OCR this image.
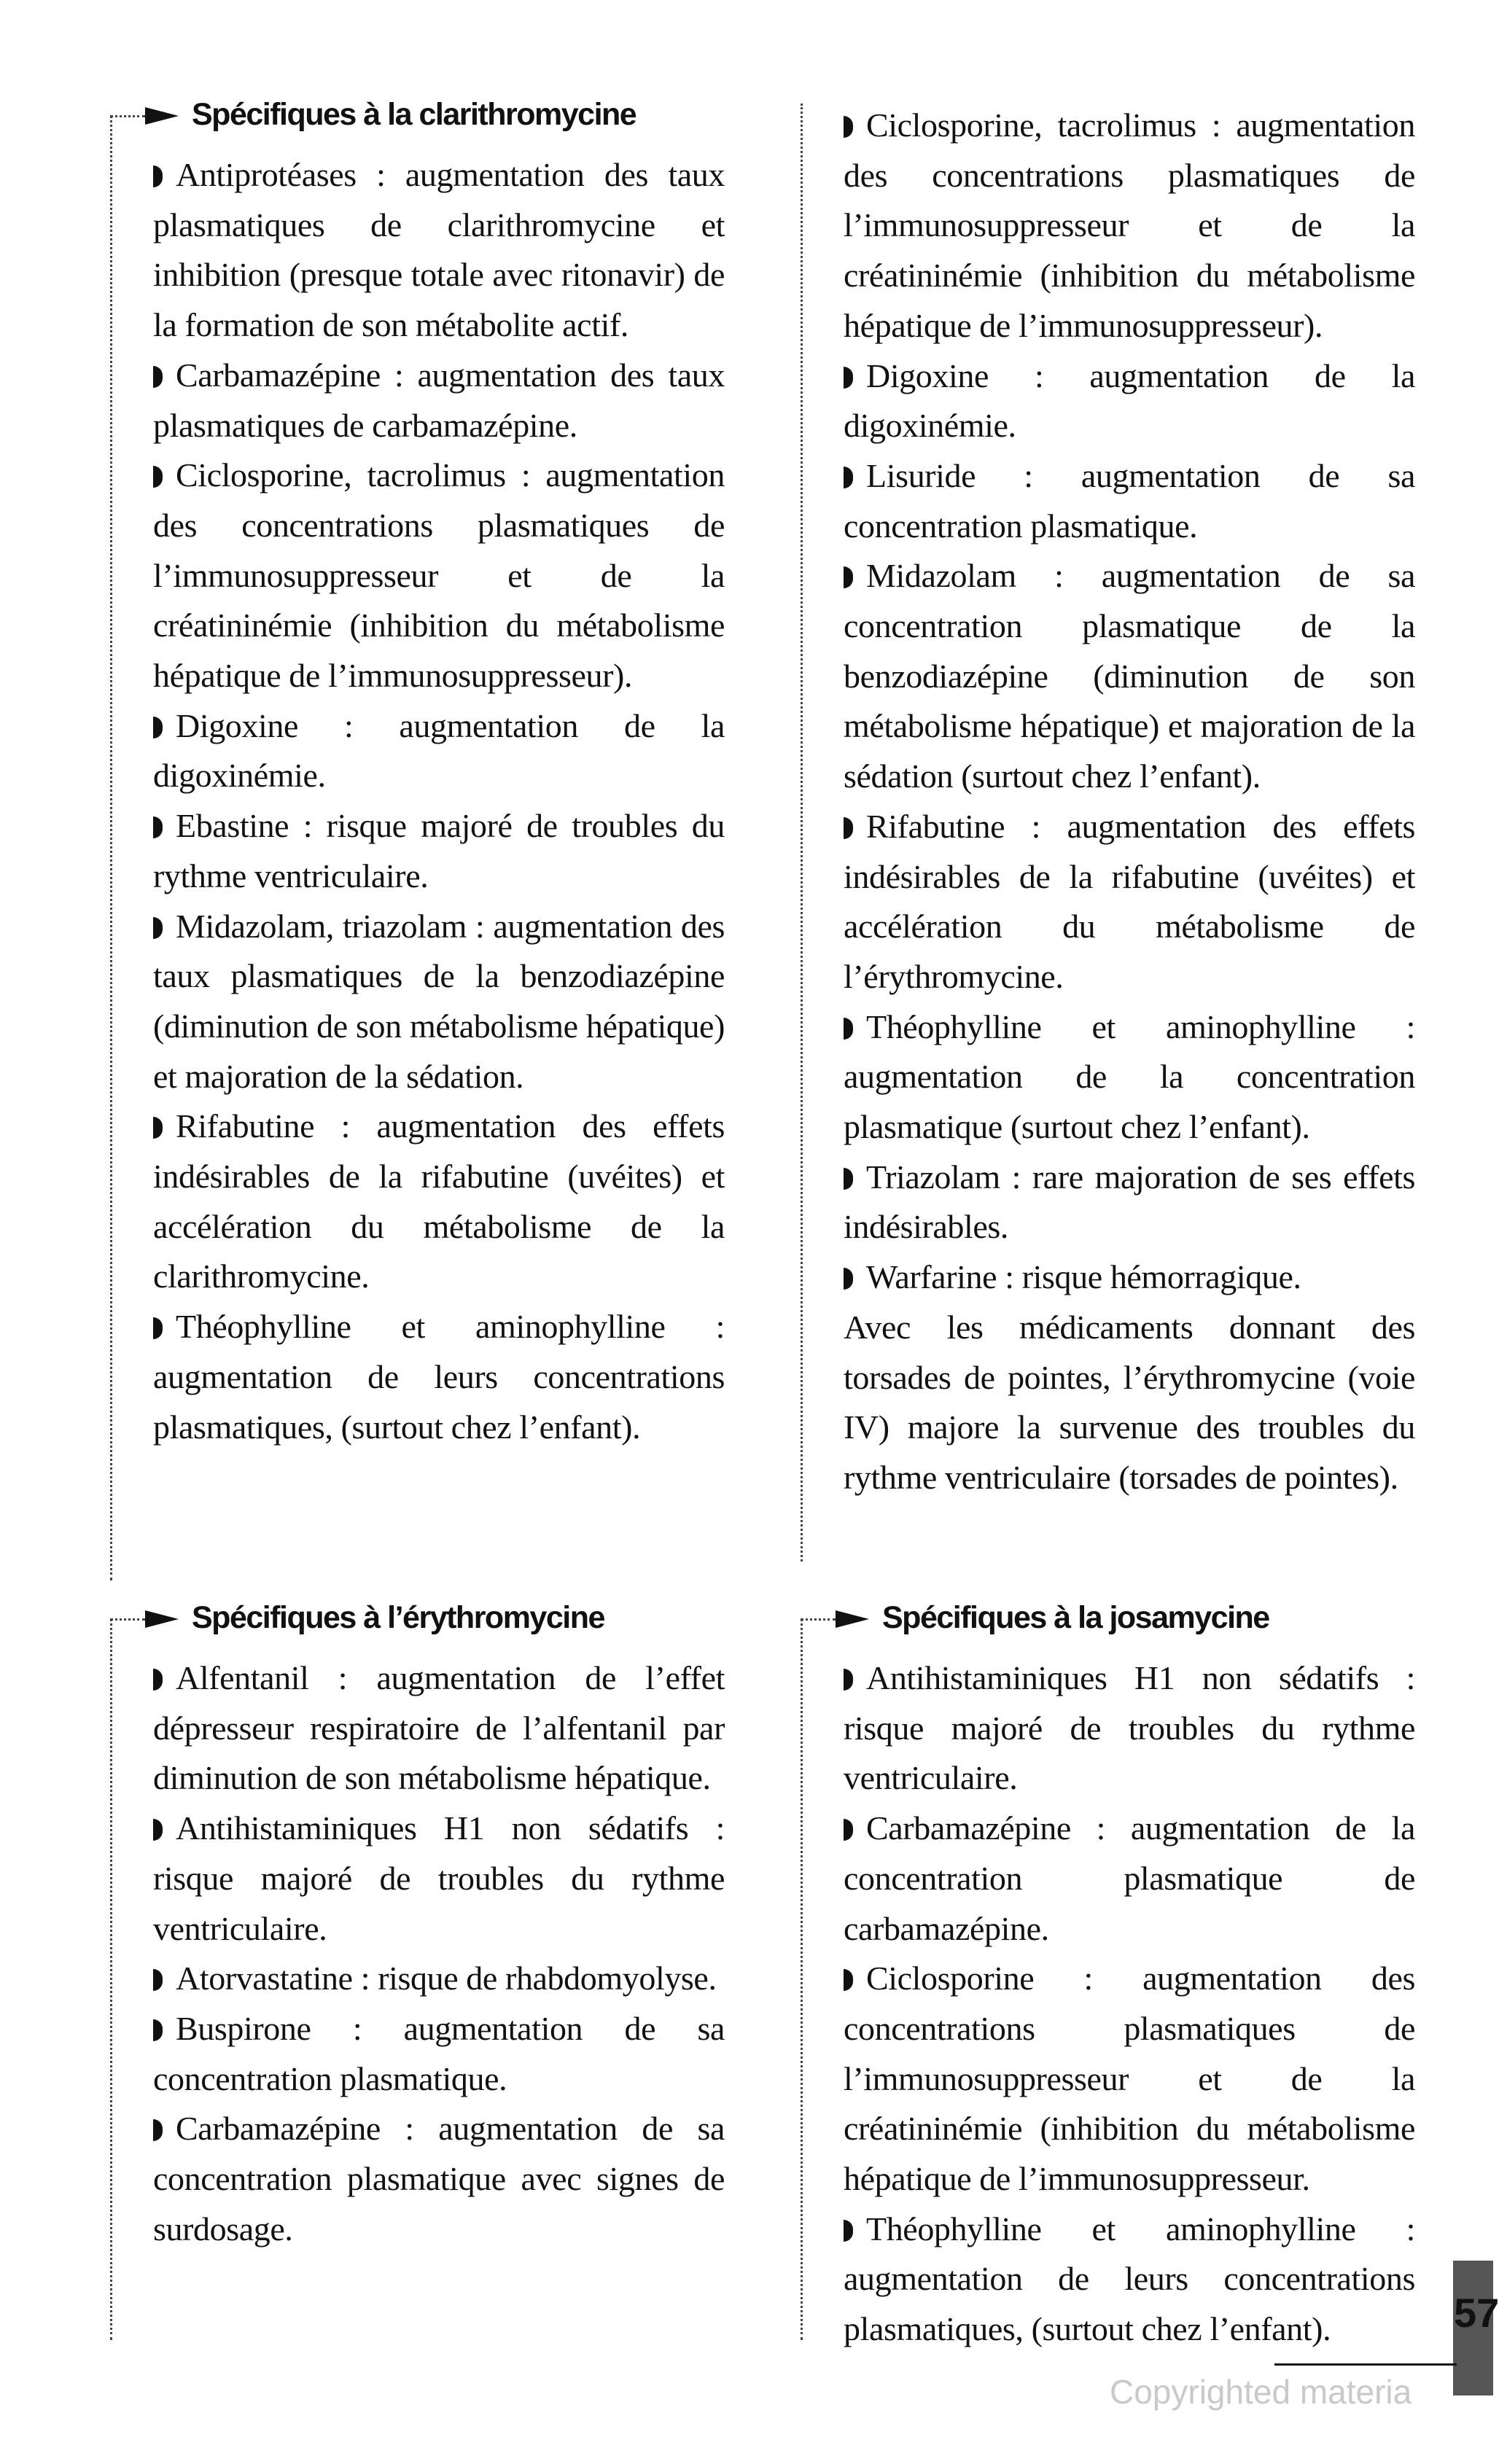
Spécifiques à la clarithromycine

Antiprotéases : augmentation des taux plasmatiques de clarithromycine et inhibition (presque totale avec ritonavir) de la formation de son métabolite actif.

Carbamazépine : augmentation des taux plasmatiques de carbamazépine.

Ciclosporine, tacrolimus : augmentation des concentrations plasmatiques de l’immunosuppresseur et de la créatininémie (inhibition du métabolisme hépatique de l’immunosuppresseur).

Digoxine : augmentation de la digoxinémie.

Ebastine : risque majoré de troubles du rythme ventriculaire.

Midazolam, triazolam : augmentation des taux plasmatiques de la benzodiazépine (diminution de son métabolisme hépatique) et majoration de la sédation.

Rifabutine : augmentation des effets indésirables de la rifabutine (uvéites) et accélération du métabolisme de la clarithromycine.

Théophylline et aminophylline : augmentation de leurs concentrations plasmatiques, (surtout chez l’enfant).

Spécifiques à l’érythromycine

Alfentanil : augmentation de l’effet dépresseur respiratoire de l’alfentanil par diminution de son métabolisme hépatique.

Antihistaminiques H1 non sédatifs : risque majoré de troubles du rythme ventriculaire.

Atorvastatine : risque de rhabdomyolyse.

Buspirone : augmentation de sa concentration plasmatique.

Carbamazépine : augmentation de sa concentration plasmatique avec signes de surdosage.

Ciclosporine, tacrolimus : augmentation des concentrations plasmatiques de l’immunosuppresseur et de la créatininémie (inhibition du métabolisme hépatique de l’immunosuppresseur).

Digoxine : augmentation de la digoxinémie.

Lisuride : augmentation de sa concentration plasmatique.

Midazolam : augmentation de sa concentration plasmatique de la benzodiazépine (diminution de son métabolisme hépatique) et majoration de la sédation (surtout chez l’enfant).

Rifabutine : augmentation des effets indésirables de la rifabutine (uvéites) et accélération du métabolisme de l’érythromycine.

Théophylline et aminophylline : augmentation de la concentration plasmatique (surtout chez l’enfant).

Triazolam : rare majoration de ses effets indésirables.

Warfarine : risque hémorragique.

Avec les médicaments donnant des torsades de pointes, l’érythromycine (voie IV) majore la survenue des troubles du rythme ventriculaire (torsades de pointes).

Spécifiques à la josamycine

Antihistaminiques H1 non sédatifs : risque majoré de troubles du rythme ventriculaire.

Carbamazépine : augmentation de la concentration plasmatique de carbamazépine.

Ciclosporine : augmentation des concentrations plasmatiques de l’immunosuppresseur et de la créatininémie (inhibition du métabolisme hépatique de l’immunosuppresseur.

Théophylline et aminophylline : augmentation de leurs concentrations plasmatiques, (surtout chez l’enfant).	57

Copyrighted materia
